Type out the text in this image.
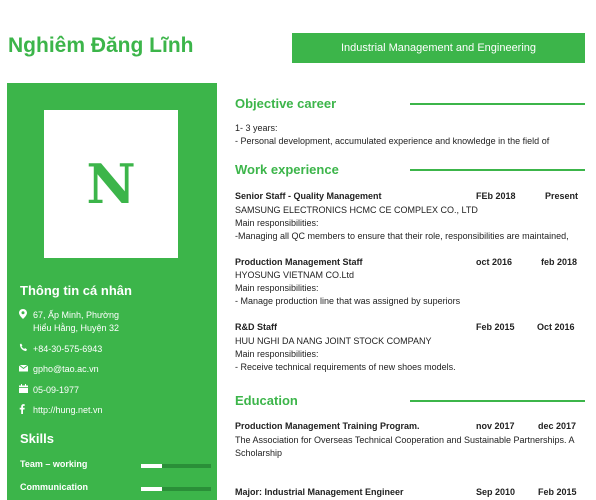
Nghiêm Đăng Lĩnh	Industrial Management and Engineering
N
Thông tin cá nhân
67, Ấp Minh, Phường
Hiểu Hằng, Huyện 32
+84-30-575-6943
gpho@tao.ac.vn
05-09-1977
http://hung.net.vn
Skills
Team – working
Communication
Objective career
1- 3 years:
- Personal development, accumulated experience and knowledge in the field of
Work experience
Senior Staff - Quality Management	FEb 2018	Present
SAMSUNG ELECTRONICS HCMC CE COMPLEX CO., LTD
Main responsibilities:
-Managing all QC members to ensure that their role, responsibilities are maintained,
Production Management Staff	oct 2016	feb 2018
HYOSUNG VIETNAM CO.Ltd
Main responsibilities:
- Manage production line that was assigned by superiors
R&D Staff	Feb 2015 Oct 2016
HUU NGHI DA NANG JOINT STOCK COMPANY
Main responsibilities:
- Receive technical requirements of new shoes models.
Education
Production Management Training Program.	nov 2017	dec 2017
The Association for Overseas Technical Cooperation and Sustainable Partnerships. A
Scholarship
Major: Industrial Management Engineer	Sep 2010	Feb 2015
